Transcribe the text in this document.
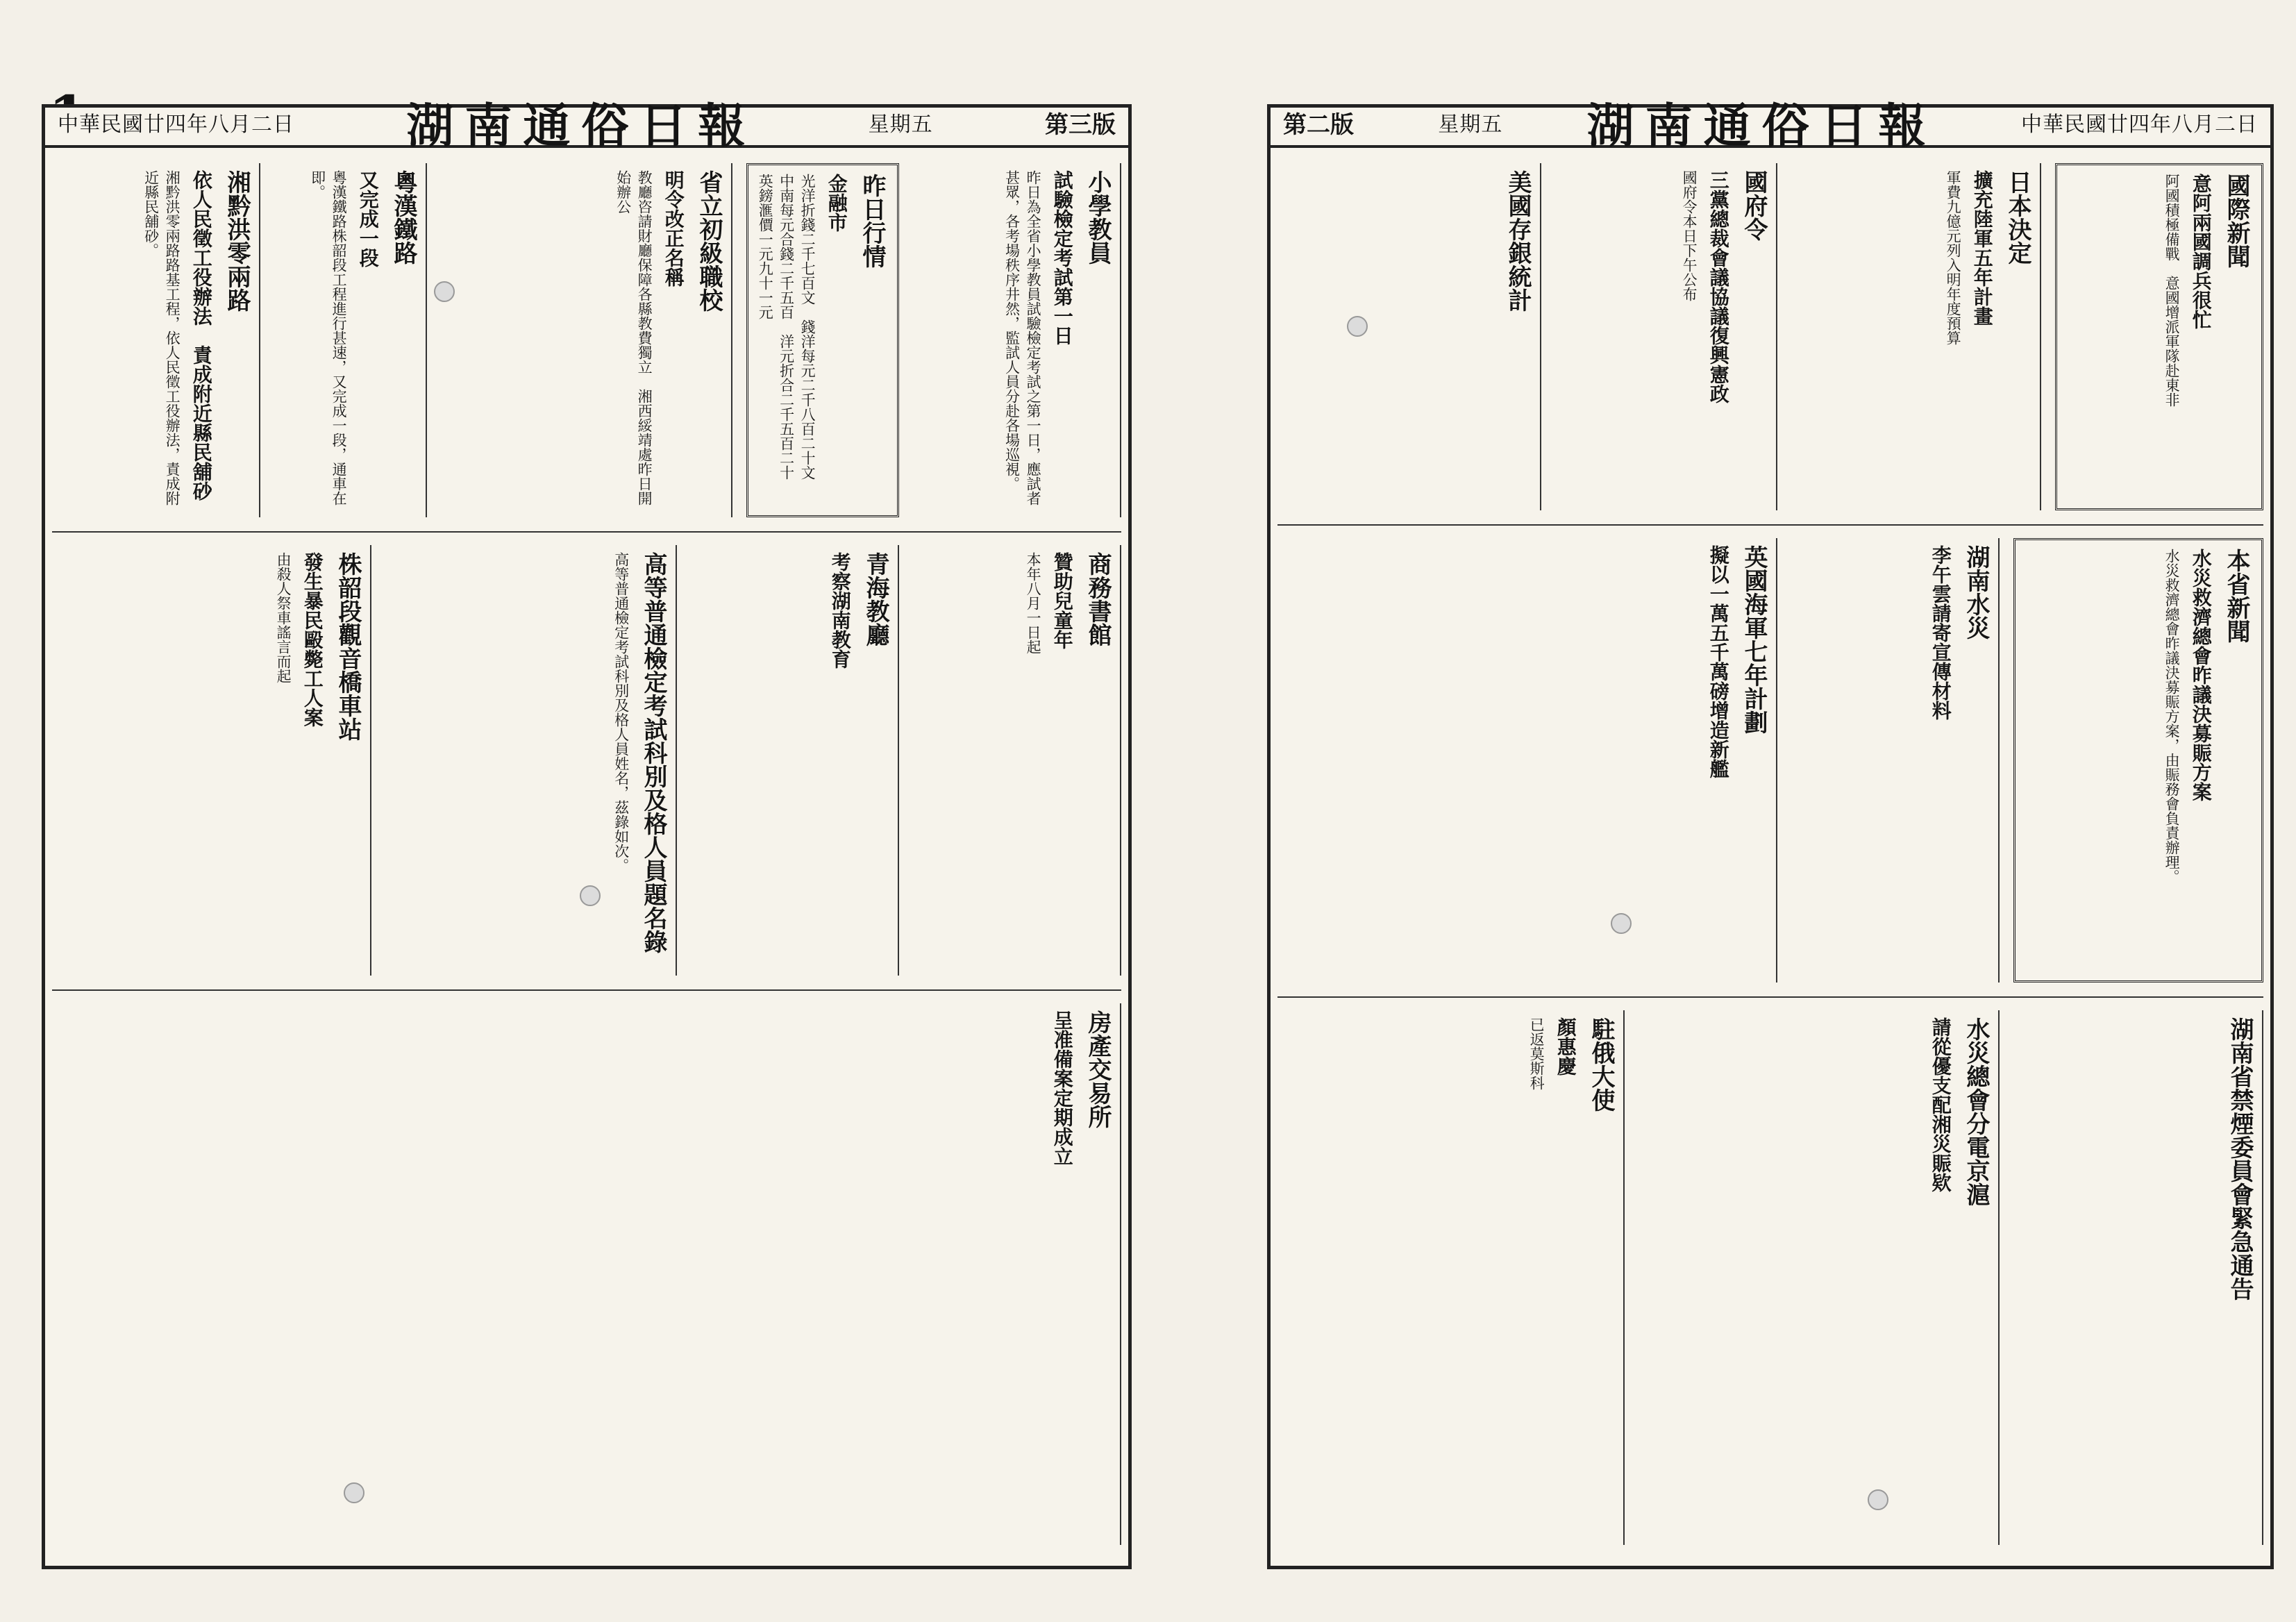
中華民國廿四年八月二日 湖南通俗日報	星期五	第三版
小學教員
試驗檢定考試第一日
昨日為全省小學教員試驗檢定考試之第一日，應試者甚眾，各考場秩序井然，監試人員分赴各場巡視。
昨日行情
金融市
光洋折錢二千七百文　錢洋每元二千八百二十文　中南每元合錢二千五百　洋元折合二千五百二十　英鎊滙價一元九十一元
省立初級職校
明令改正名稱
教廳咨請財廳保障各縣教費獨立　湘西綏靖處昨日開始辦公
粵漢鐵路
又完成一段
粵漢鐵路株韶段工程進行甚速，又完成一段，通車在即。
湘黔洪零兩路
依人民徵工役辦法　責成附近縣民舖砂
湘黔洪零兩路路基工程，依人民徵工役辦法，責成附近縣民舖砂。
商務書館
贊助兒童年
本年八月一日起
青海教廳
考察湖南教育
高等普通檢定考試科別及格人員題名錄
高等普通檢定考試科別及格人員姓名，茲錄如次。
株韶段觀音橋車站
發生暴民毆斃工人案
由殺人祭車謠言而起
房產交易所
呈准備案定期成立
第二版	星期五 湖南通俗日報	中華民國廿四年八月二日
國際新聞
意阿兩國調兵很忙
阿國積極備戰　意國增派軍隊赴東非
日本決定
擴充陸軍五年計畫
軍費九億元列入明年度預算
國府令
三黨總裁會議協議復興憲政
國府令本日下午公布
美國存銀統計
本省新聞
水災救濟總會昨議決募賑方案
水災救濟總會昨議決募賑方案，由賑務會負責辦理。
湖南水災
李午雲請寄宣傳材料
英國海軍七年計劃
擬以一萬五千萬磅增造新艦
湖南省禁煙委員會緊急通告
水災總會分電京滬
請從優支配湘災賑欵
駐俄大使
顏惠慶
已返莫斯科
